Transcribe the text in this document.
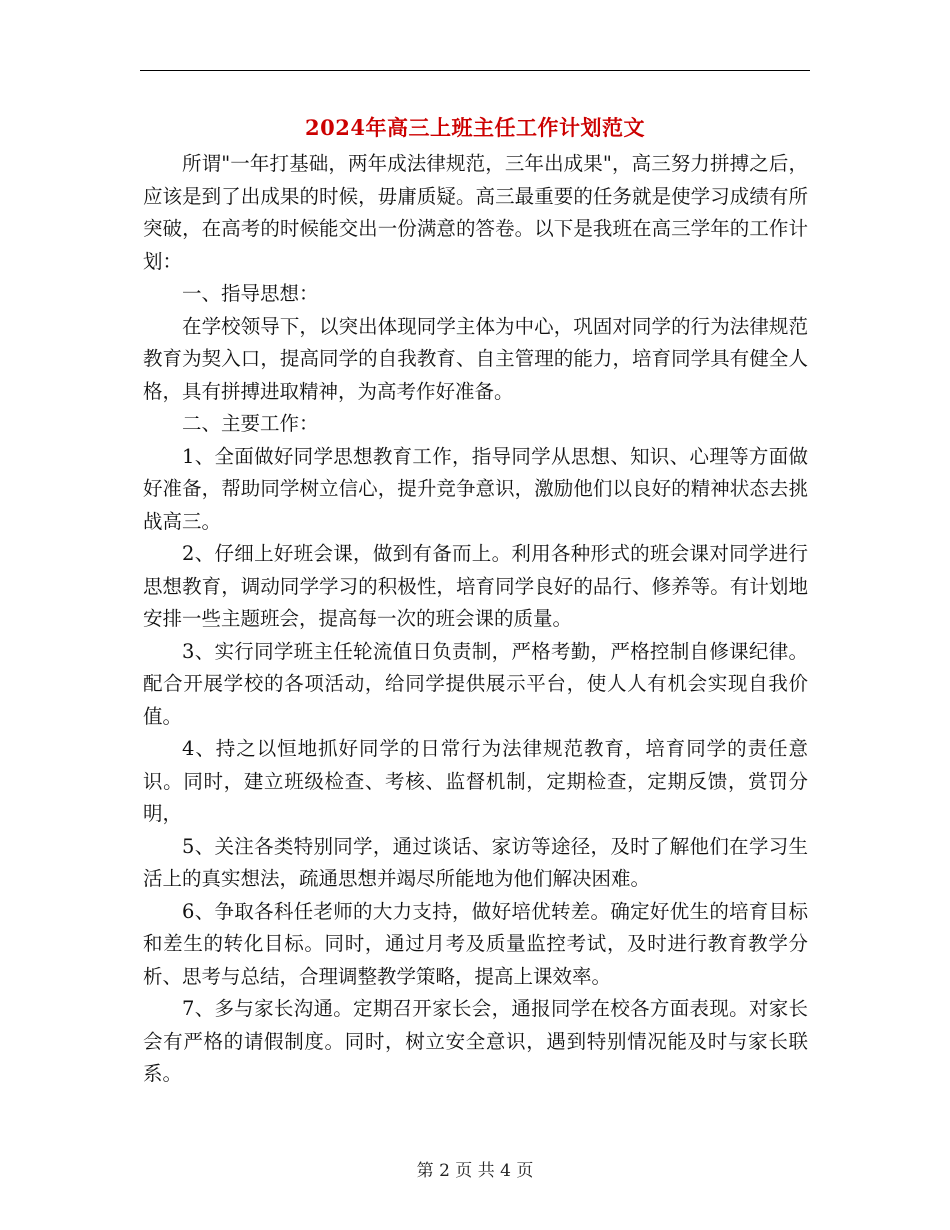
2024年高三上班主任工作计划范文

所谓"一年打基础，两年成法律规范，三年出成果"，高三努力拼搏之后，应该是到了出成果的时候，毋庸质疑。高三最重要的任务就是使学习成绩有所突破，在高考的时候能交出一份满意的答卷。以下是我班在高三学年的工作计划：

一、指导思想：

在学校领导下，以突出体现同学主体为中心，巩固对同学的行为法律规范教育为契入口，提高同学的自我教育、自主管理的能力，培育同学具有健全人格，具有拼搏进取精神，为高考作好准备。

二、主要工作：

1、全面做好同学思想教育工作，指导同学从思想、知识、心理等方面做好准备，帮助同学树立信心，提升竞争意识，激励他们以良好的精神状态去挑战高三。

2、仔细上好班会课，做到有备而上。利用各种形式的班会课对同学进行思想教育，调动同学学习的积极性，培育同学良好的品行、修养等。有计划地安排一些主题班会，提高每一次的班会课的质量。

3、实行同学班主任轮流值日负责制，严格考勤，严格控制自修课纪律。配合开展学校的各项活动，给同学提供展示平台，使人人有机会实现自我价值。

4、持之以恒地抓好同学的日常行为法律规范教育，培育同学的责任意识。同时，建立班级检查、考核、监督机制，定期检查，定期反馈，赏罚分明，

5、关注各类特别同学，通过谈话、家访等途径，及时了解他们在学习生活上的真实想法，疏通思想并竭尽所能地为他们解决困难。

6、争取各科任老师的大力支持，做好培优转差。确定好优生的培育目标和差生的转化目标。同时，通过月考及质量监控考试，及时进行教育教学分析、思考与总结，合理调整教学策略，提高上课效率。

7、多与家长沟通。定期召开家长会，通报同学在校各方面表现。对家长会有严格的请假制度。同时，树立安全意识，遇到特别情况能及时与家长联系。

第 2 页 共 4 页
